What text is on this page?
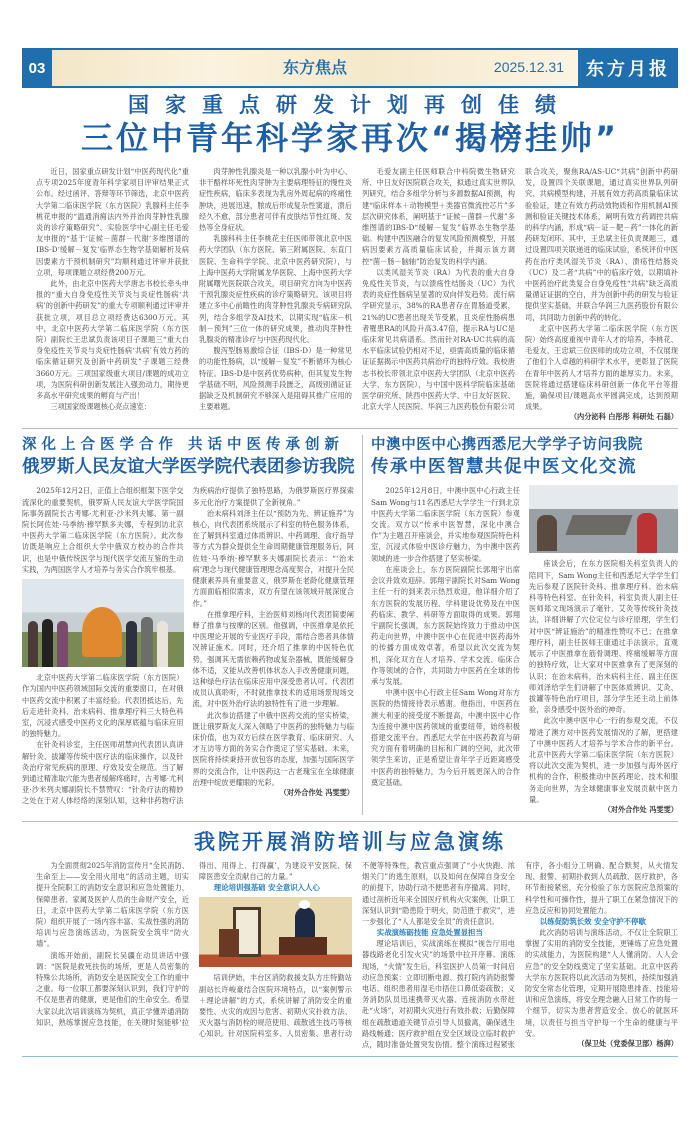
03	东方焦点	2025.12.31	东方月报
国家重点研发计划再创佳绩
三位中青年科学家再次“揭榜挂帅”

近日，国家重点研发计划“中医药现代化”重点专项2025年度青年科学家项目评审结果正式公布。经过函评、答辩等环节筛选，北京中医药大学第二临床医学院（东方医院）乳腺科主任李桃花申报的“温通消痈法内外并治肉芽肿性乳腺炎的诊疗策略研究”、实验医学中心副主任毛爱友申报的“基于‘证候－菌群－代谢’多维图谱的IBS-D‘缓解－复发’临界态生物学基础解析及病因要素方干预机制研究”均顺利通过评审并获批立项，每项课题立项经费200万元。

此外，由北京中医药大学唐志书校长牵头申报的“重大自身免疫性关节炎与炎症性肠病‘共病’的创新中药研发”的重大专项顺利通过评审并获批立项，项目总立项经费达6300万元。其中，北京中医药大学第二临床医学院（东方医院）副院长王忠斌负责该项目子课题三“重大自身免疫性关节炎与炎症性肠病‘共病’有效方药的临床循证研究及创新中药研发”子课题三经费3660万元。三项国家级重大项目/课题的成功立项，为医院科研创新发展注入强劲动力，期待更多高水平研究成果的孵育与产出！

三项国家级课题核心亮点速览：

肉芽肿性乳腺炎是一种以乳腺小叶为中心、非干酪样坏死性肉芽肿为主要病理特征的慢性炎症性疾病，临床多表现为乳房外周起病的疼痛性肿块，进展迅速，脓成后形成复杂性窦道，溃后经久不愈，部分患者可伴有皮肤结节性红斑、发热等全身症状。

乳腺科科主任李桃花主任医师带领北京中医药大学团队（东方医院、第三附属医院、东直门医院、生命科学学院、北京中医药研究院），与上海中医药大学附属龙华医院、上海中医药大学附属曙光医院联合攻关，项目研究方向为中医药干预乳腺炎症性疾病的诊疗策略研究。该项目将建立多中心前瞻性的肉芽肿性乳腺炎专病研究队列，结合多组学及AI技术，以期实现“临床－机制－预判”三位一体的研究成果，推动肉芽肿性乳腺炎的精准诊疗与中医药现代化。

腹泻型肠易激综合征（IBS-D）是一种常见的功能性肠病，以“缓解－复发”不断循环为核心特征。IBS-D是中医药优势病种，但其复发生物学基础不明，风险预测手段匮乏，高级别循证证据缺乏及机制研究不够深入是阻碍其推广应用的主要难题。

毛爱友副主任医师联合中科院微生物研究所、中日友好医院联合攻关，拟通过真实世界队列研究，结合多组学分析与多源数据AI预测，构建“临床样本＋动物模型＋类器官微流控芯片”多层次研究体系，阐明基于“证候－菌群－代谢”多维图谱的IBS-D“缓解－复发”临界态生物学基础。构建中西医融合的复发风险预测模型，开展病因要素方高质量临床试验，并揭示该方调控“菌－肠－脑轴”防治复发的科学内涵。

以类风湿关节炎（RA）为代表的重大自身免疫性关节炎，与以溃疡性结肠炎（UC）为代表的炎症性肠病呈显著的双向伴发趋势。流行病学研究显示，38%的RA患者存在胃肠道受累，21%的UC患者出现关节受累，且炎症性肠病患者罹患RA的风险升高3.47倍，提示RA与UC是临床常见共病谱系。然而针对RA-UC共病的高水平临床试验仍相对不足，亟需高质量的临床循证证据揭示中医药共病治疗的独特疗效。我校唐志书校长带领北京中医药大学团队（北京中医药大学、东方医院），与中国中医科学院临床基础医学研究所、陕西中医药大学、中日友好医院、北京大学人民医院、华润三九医药股份有限公司联合攻关，聚焦RA/AS-UC“共病”创新中药研发，设置四个关联课题，通过真实世界队列研究、共病模型构建，开展有效方药高质量临床试验验证，建立有效方药动效物质和作用机制AI预测和验证关键技术体系，阐明有效方药调控共病的科学内涵，形成“病－证－靶－药”一体化的新药研发闭环。其中，王忠斌主任负责课题三，通过设置四项关联递进的临床试验，系统评价中医药在治疗类风湿关节炎（RA）、溃疡性结肠炎（UC）及二者“共病”中的临床疗效，以期填补中医药治疗此类复合自身免疫性“共病”缺乏高质量循证证据的空白，并为创新中药的研发与验证提供坚实基础，并联合华润三九医药股份有限公司，共同助力创新中药的转化。

北京中医药大学第二临床医学院（东方医院）始终高度重视中青年人才的培养，李桃花、毛爱友、王忠斌三位医师的成功立项，不仅展现了他们个人卓越的科研学术水平，更彰显了医院在青年中医药人才培养方面的雄厚实力。未来，医院将通过搭建临床科研创新一体化平台等措施，确保项目/课题高水平圆满完成，达到预期成果。

（内分泌科 白彤彤 科研处 石磊）

深化上合医学合作 共话中医传承创新
俄罗斯人民友谊大学医学院代表团参访我院

2025年12月2日，正值上合组织框架下医学交流深化的重要契机，俄罗斯人民友谊大学医学院国际事务副院长古考娜·尤利亚·沙米列夫娜、第一副院长阿佐娃·马季纳·穆罕默多夫娜，专程到访北京中医药大学第二临床医学院（东方医院）。此次参访既是响应上合组织大学中俄双方校办的合作共识，也是中俄传统医学与现代医学交流互鉴的生动实践，为两国医学人才培养与务实合作筑牢根基。

北京中医药大学第二临床医学院（东方医院）作为国内中医药领域国际交流的重要窗口，在对俄中医药交流中积累了丰富经验。代表团抵达后，先后走进针灸科、治未病科、推拿理疗科三大特色科室，沉浸式感受中医药文化的深厚底蕴与临床应用的独特魅力。

在针灸科诊室，主任医师胡慧向代表团认真讲解针灸、拔罐等传统中医疗法的临床操作，以及针灸治疗常见疾病的原理、疗效及安全规范。当了解到通过精准取穴能为患者缓解疼痛时，古考娜·尤利亚·沙米列夫娜副院长不禁赞叹：“针灸疗法的精妙之处在于对人体经络的深刻认知，这种非药物疗法为疾病治疗提供了独特思路，为俄罗斯医疗界探索多元化治疗方案提供了全新视角。”

治未病科刘泽主任以“预防为先、辨证施养”为核心，向代表团系统展示了科室的特色服务体系，在了解到科室通过体质辨识、中药调理、食疗指导等方式为群众提供全生命周期健康管理服务后，阿佐娃·马季纳·穆罕默多夫娜副院长表示：“‘治未病’理念与现代健康管理理念高度契合，对提升全民健康素养具有重要意义，俄罗斯在老龄化健康管理方面面临相似需求，双方有望在该领域开展深度合作。”

在推拿理疗科，主治医师刘杨向代表团简要阐释了推拿与按摩的区别。他强调，中医推拿是依托中医理论开展的专业医疗手段，需结合患者具体情况辨证施术。同时，还介绍了推拿的中医特色优势，强调其无需依赖药物或复杂器械，既能缓解身体不适，又能从改善机体状态入手改善健康问题，这种绿色疗法在临床应用中深受患者认可。代表团成员认真聆听，不时就推拿技术的适用场景现场交流，对中医外治疗法的独特性有了进一步理解。

此次参访搭建了中俄中医药交流的坚实桥梁，既让俄罗斯友人深入领略了中医药的独特魅力与临床价值，也为双方后续在医学教育、临床研究、人才互访等方面的务实合作奠定了坚实基础。未来，医院将持续秉持开放包容的态度，加强与国际医学界的交流合作，让中医药这一古老瑰宝在全球健康治理中绽放更耀眼的光彩。

（对外合作处 冯雯雯）

中澳中医中心携西悉尼大学学子访问我院
传承中医智慧共促中医文化交流

2025年12月8日，中澳中医中心行政主任Sam Wong与11名西悉尼大学学生一行到北京中医药大学第二临床医学院（东方医院）参观交流。双方以“传承中医智慧，深化中澳合作”为主题召开座谈会，并实地参观医院特色科室，沉浸式体验中医诊疗魅力，为中澳中医药领域的进一步合作搭建了坚实桥梁。

在座谈会上，东方医院副院长郭翔宇出席会议并致欢迎辞。郭翔宇副院长对Sam Wong主任一行的到来表示热烈欢迎，他详细介绍了东方医院的发展历程、学科建设优势及在中医药临床、教学、科研等方面取得的成果。郭翔宇副院长强调，东方医院始终致力于推动中医药走向世界，中澳中医中心在促进中医药海外的传播方面成效卓著，希望以此次交流为契机，深化双方在人才培养、学术交流、临床合作等领域的合作，共同助力中医药在全球的传承与发展。

中澳中医中心行政主任Sam Wong对东方医院的热情接待表示感谢。他指出，中医药在澳大利亚的接受度不断提高，中澳中医中心作为连接中澳中医药领域的重要纽带，始终积极搭建交流平台。西悉尼大学在中医药教育与研究方面有着明确的目标和广阔的空间，此次带领学生来访，正是希望让青年学子近距离感受中医药的独特魅力，为今后开展更深入的合作奠定基础。

座谈会后，在东方医院相关科室负责人的陪同下，Sam Wong主任和西悉尼大学学生们先后参观了医院针灸科、推拿理疗科、治未病科等特色科室。在针灸科，科室负责人副主任医师郑文现场演示了毫针、艾灸等传统针灸技法，详细讲解了穴位定位与诊疗原理，学生们对中医“辨证施治”的精准性赞叹不已；在推拿理疗科，副主任医师王康通过手法演示，直观展示了中医推拿在筋骨调理、疼痛缓解等方面的独特疗效，让大家对中医推拿有了更深刻的认识；在治未病科，治未病科主任、副主任医师刘泽给学生们讲解了中医体质辨识、艾灸、拔罐等特色治疗项目，部分学生还主动上前体验，亲身感受中医外治的神奇。

此次中澳中医中心一行的参观交流，不仅增进了澳方对中医药发展情况的了解，更搭建了中澳中医药人才培养与学术合作的新平台。北京中医药大学第二临床医学院（东方医院）将以此次交流为契机，进一步加强与海外医疗机构的合作，积极推动中医药理论、技术和服务走向世界，为全球健康事业发展贡献中医力量。

（对外合作处 冯雯雯）

我院开展消防培训与应急演练

为全面贯彻2025年消防宣传月“全民消防、生命至上——安全用火用电”的活动主题，切实提升全院职工的消防安全意识和应急处置能力，保障患者、家属及医护人员的生命财产安全，近日，北京中医药大学第二临床医学院（东方医院）组织开展了一场内容丰富、实战性强的消防培训与应急演练活动，为医院安全筑牢“防火墙”。

演练开始前，副院长吴疆在动员讲话中强调：“医院是救死扶伤的场所，更是人员密集的特殊公共场所，消防安全是医院安全工作的重中之重。每一位职工都要深刻认识到，我们守护的不仅是患者的健康，更是他们的生命安全。希望大家以此次培训演练为契机，真正学懂弄通消防知识，熟练掌握应急技能，在关键时刻能够‘拉得出、用得上、打得赢’，为建设平安医院、保障医患安全贡献自己的力量。”

理论培训强基础 安全意识入人心

培训伊始，丰台区消防救援支队方庄特勤站副站长许峻豪结合医院环境特点，以“案例警示＋理论讲解”的方式，系统讲解了消防安全的重要性、火灾的成因与危害、初期火灾扑救方法、灭火器与消防栓的规范使用、疏散逃生技巧等核心知识。针对医院科室多、人员密集、患者行动不便等特殊性，教官重点强调了“小火快跑、浓烟关门”的逃生原则，以及如何在保障自身安全的前提下，协助行动不便患者有序撤离。同时，通过剖析近年来全国医疗机构火灾案例，让职工深刻认识到“隐患险于明火，防范胜于救灾”，进一步强化了“人人都是安全员”的责任意识。

实战演练砺技能 应急处置显担当

理论培训后，实战演练在模拟“视告厅用电器线路老化引发火灾”的场景中拉开序幕。演练现场，“火情”发生后，科室医护人员第一时间启动应急预案：立即切断电源、拨打院内消防报警电话、组织患者用湿毛巾捂住口鼻低姿疏散；义务消防队员迅速携带灭火器、连接消防水带赶赴“火场”，对初期火灾进行有效扑救；后勤保障组在疏散通道关键节点引导人员撤离，确保逃生路线畅通；医疗救护组在安全区域设立临时救护点，随时准备处置突发伤情。整个演练过程紧张有序，各小组分工明确、配合默契，从火情发现、报警、初期扑救到人员疏散、医疗救护，各环节衔接紧密，充分检验了东方医院应急预案的科学性和可操作性，提升了职工在紧急情况下的应急反应和协同处置能力。

以练促防筑长效 安全守护不停歇

此次消防培训与演练活动，不仅让全院职工掌握了实用的消防安全技能，更锤炼了应急处置的实战能力，为医院构建“人人懂消防、人人会应急”的安全防线奠定了坚实基础。北京中医药大学东方医院将以此次活动为契机，持续加强消防安全常态化管理，定期开展隐患排查、技能培训和应急演练，将安全理念融入日常工作的每一个细节，切实为患者营造安全、放心的就医环境，以责任与担当守护每一个生命的健康与平安。

（保卫处（党委保卫部）杨湃）
